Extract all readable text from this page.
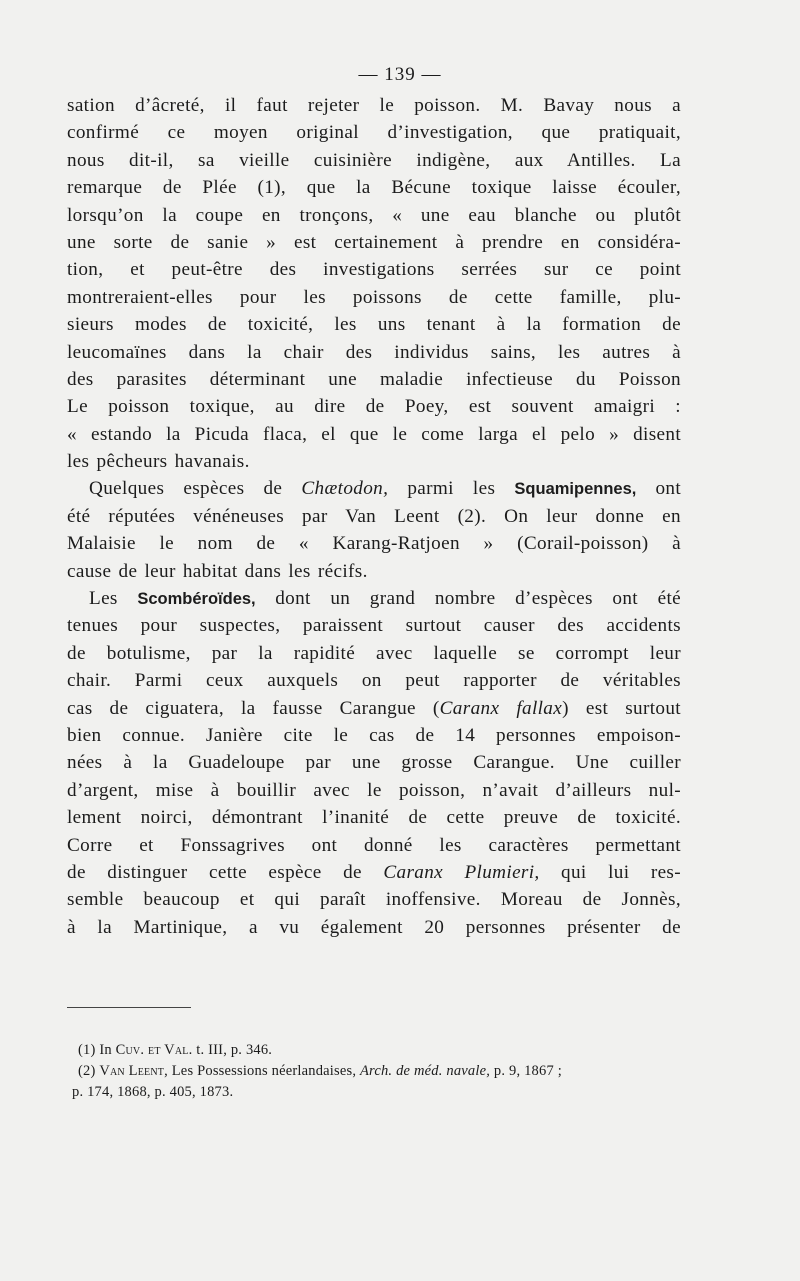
— 139 —
sation d’âcreté, il faut rejeter le poisson. M. Bavay nous a
confirmé ce moyen original d’investigation, que pratiquait,
nous dit-il, sa vieille cuisinière indigène, aux Antilles. La
remarque de Plée (1), que la Bécune toxique laisse écouler,
lorsqu’on la coupe en tronçons, « une eau blanche ou plutôt
une sorte de sanie » est certainement à prendre en considéra-
tion, et peut-être des investigations serrées sur ce point
montreraient-elles pour les poissons de cette famille, plu-
sieurs modes de toxicité, les uns tenant à la formation de
leucomaïnes dans la chair des individus sains, les autres à
des parasites déterminant une maladie infectieuse du Poisson
Le poisson toxique, au dire de Poey, est souvent amaigri :
« estando la Picuda flaca, el que le come larga el pelo » disent
les pêcheurs havanais.
Quelques espèces de Chætodon, parmi les Squamipennes, ont
été réputées vénéneuses par Van Leent (2). On leur donne en
Malaisie le nom de « Karang-Ratjoen » (Corail-poisson) à
cause de leur habitat dans les récifs.
Les Scombéroïdes, dont un grand nombre d’espèces ont été
tenues pour suspectes, paraissent surtout causer des accidents
de botulisme, par la rapidité avec laquelle se corrompt leur
chair. Parmi ceux auxquels on peut rapporter de véritables
cas de ciguatera, la fausse Carangue (Caranx fallax) est surtout
bien connue. Janière cite le cas de 14 personnes empoison-
nées à la Guadeloupe par une grosse Carangue. Une cuiller
d’argent, mise à bouillir avec le poisson, n’avait d’ailleurs nul-
lement noirci, démontrant l’inanité de cette preuve de toxicité.
Corre et Fonssagrives ont donné les caractères permettant
de distinguer cette espèce de Caranx Plumieri, qui lui res-
semble beaucoup et qui paraît inoffensive. Moreau de Jonnès,
à la Martinique, a vu également 20 personnes présenter de
(1) In Cuv. et Val. t. III, p. 346.
(2) Van Leent, Les Possessions néerlandaises, Arch. de méd. navale, p. 9, 1867 ;
p. 174, 1868, p. 405, 1873.
